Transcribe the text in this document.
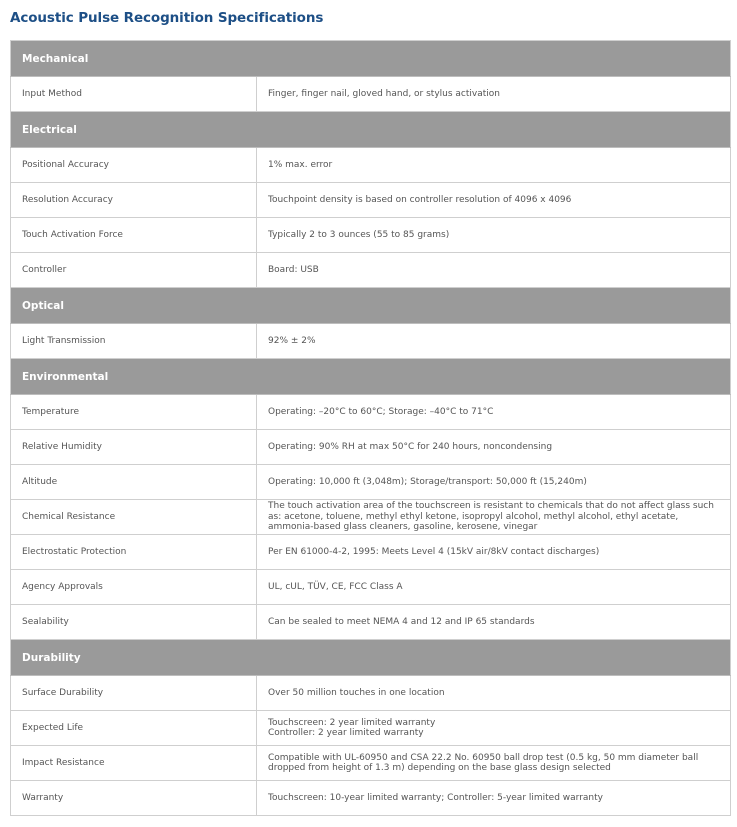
Acoustic Pulse Recognition Specifications
Mechanical	
Input Method	Finger, finger nail, gloved hand, or stylus activation
Electrical	
Positional Accuracy	1% max. error
Resolution Accuracy	Touchpoint density is based on controller resolution of 4096 x 4096
Touch Activation Force	Typically 2 to 3 ounces (55 to 85 grams)
Controller	Board: USB
Optical	
Light Transmission	92% ± 2%
Environmental	
Temperature	Operating: –20°C to 60°C; Storage: –40°C to 71°C
Relative Humidity	Operating: 90% RH at max 50°C for 240 hours, noncondensing
Altitude	Operating: 10,000 ft (3,048m); Storage/transport: 50,000 ft (15,240m)
Chemical Resistance	The touch activation area of the touchscreen is resistant to chemicals that do not affect glass such as: acetone, toluene, methyl ethyl ketone, isopropyl alcohol, methyl alcohol, ethyl acetate, ammonia-based glass cleaners, gasoline, kerosene, vinegar
Electrostatic Protection	Per EN 61000-4-2, 1995: Meets Level 4 (15kV air/8kV contact discharges)
Agency Approvals	UL, cUL, TÜV, CE, FCC Class A
Sealability	Can be sealed to meet NEMA 4 and 12 and IP 65 standards
Durability	
Surface Durability	Over 50 million touches in one location
Expected Life	Touchscreen: 2 year limited warranty
Controller: 2 year limited warranty
Impact Resistance	Compatible with UL-60950 and CSA 22.2 No. 60950 ball drop test (0.5 kg, 50 mm diameter ball dropped from height of 1.3 m) depending on the base glass design selected
Warranty	Touchscreen: 10-year limited warranty; Controller: 5-year limited warranty
